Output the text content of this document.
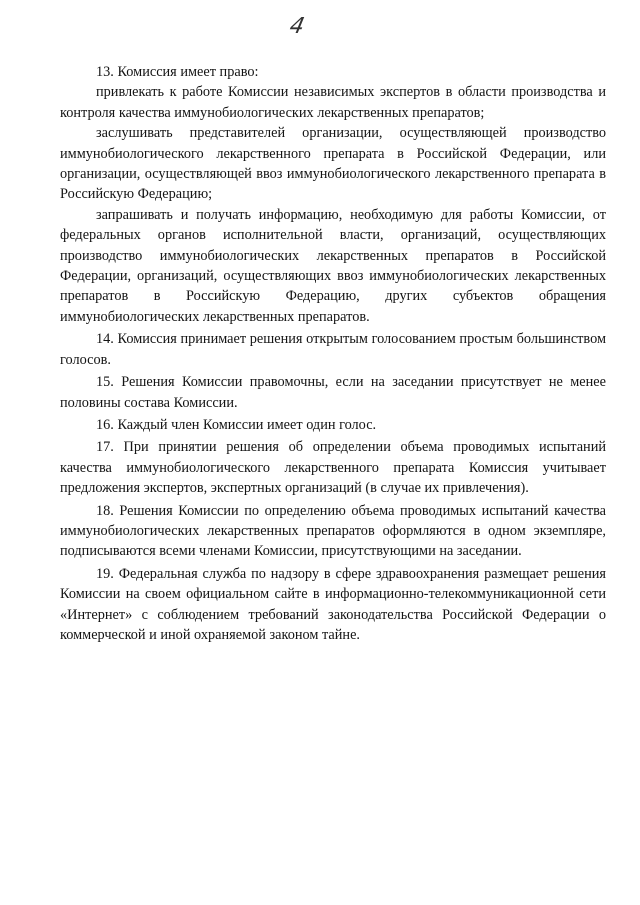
4

13. Комиссия имеет право:

привлекать к работе Комиссии независимых экспертов в области производства и контроля качества иммунобиологических лекарственных препаратов;

заслушивать представителей организации, осуществляющей производство иммунобиологического лекарственного препарата в Российской Федерации, или организации, осуществляющей ввоз иммунобиологического лекарственного препарата в Российскую Федерацию;

запрашивать и получать информацию, необходимую для работы Комиссии, от федеральных органов исполнительной власти, организаций, осуществляющих производство иммунобиологических лекарственных препаратов в Российской Федерации, организаций, осуществляющих ввоз иммунобиологических лекарственных препаратов в Российскую Федерацию, других субъектов обращения иммунобиологических лекарственных препаратов.

14. Комиссия принимает решения открытым голосованием простым большинством голосов.

15. Решения Комиссии правомочны, если на заседании присутствует не менее половины состава Комиссии.

16. Каждый член Комиссии имеет один голос.

17. При принятии решения об определении объема проводимых испытаний качества иммунобиологического лекарственного препарата Комиссия учитывает предложения экспертов, экспертных организаций (в случае их привлечения).

18. Решения Комиссии по определению объема проводимых испытаний качества иммунобиологических лекарственных препаратов оформляются в одном экземпляре, подписываются всеми членами Комиссии, присутствующими на заседании.

19. Федеральная служба по надзору в сфере здравоохранения размещает решения Комиссии на своем официальном сайте в информационно-телекоммуникационной сети «Интернет» с соблюдением требований законодательства Российской Федерации о коммерческой и иной охраняемой законом тайне.
